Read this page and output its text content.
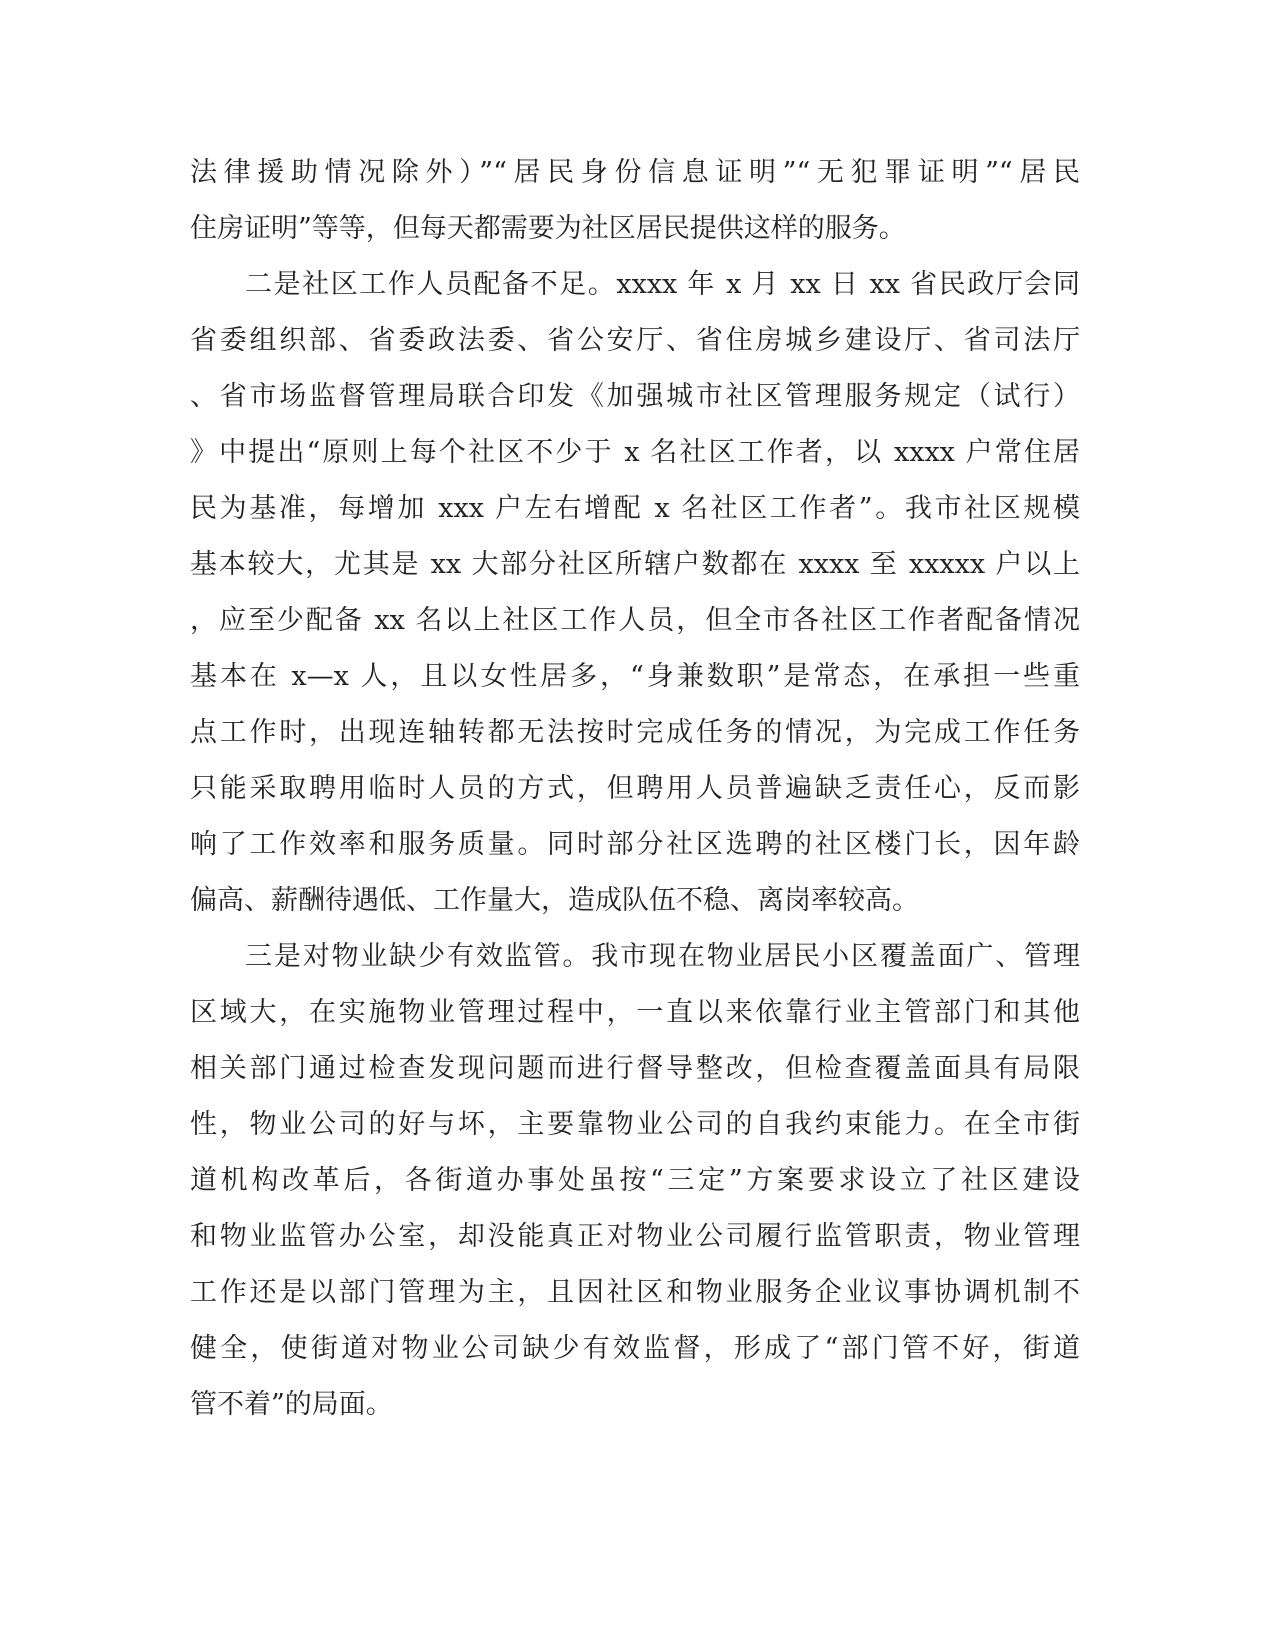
法律援助情况除外）”“居民身份信息证明”“无犯罪证明”“居民
住房证明”等等，但每天都需要为社区居民提供这样的服务。
二是社区工作人员配备不足。xxxx 年 x 月 xx 日 xx 省民政厅会同
省委组织部、省委政法委、省公安厅、省住房城乡建设厅、省司法厅
、省市场监督管理局联合印发《加强城市社区管理服务规定（试行）
》中提出“原则上每个社区不少于 x 名社区工作者，以 xxxx 户常住居
民为基准，每增加 xxx 户左右增配 x 名社区工作者”。我市社区规模
基本较大，尤其是 xx 大部分社区所辖户数都在 xxxx 至 xxxxx 户以上
，应至少配备 xx 名以上社区工作人员，但全市各社区工作者配备情况
基本在 x—x 人，且以女性居多，“身兼数职”是常态，在承担一些重
点工作时，出现连轴转都无法按时完成任务的情况，为完成工作任务
只能采取聘用临时人员的方式，但聘用人员普遍缺乏责任心，反而影
响了工作效率和服务质量。同时部分社区选聘的社区楼门长，因年龄
偏高、薪酬待遇低、工作量大，造成队伍不稳、离岗率较高。
三是对物业缺少有效监管。我市现在物业居民小区覆盖面广、管理
区域大，在实施物业管理过程中，一直以来依靠行业主管部门和其他
相关部门通过检查发现问题而进行督导整改，但检查覆盖面具有局限
性，物业公司的好与坏，主要靠物业公司的自我约束能力。在全市街
道机构改革后，各街道办事处虽按“三定”方案要求设立了社区建设
和物业监管办公室，却没能真正对物业公司履行监管职责，物业管理
工作还是以部门管理为主，且因社区和物业服务企业议事协调机制不
健全，使街道对物业公司缺少有效监督，形成了“部门管不好，街道
管不着”的局面。
